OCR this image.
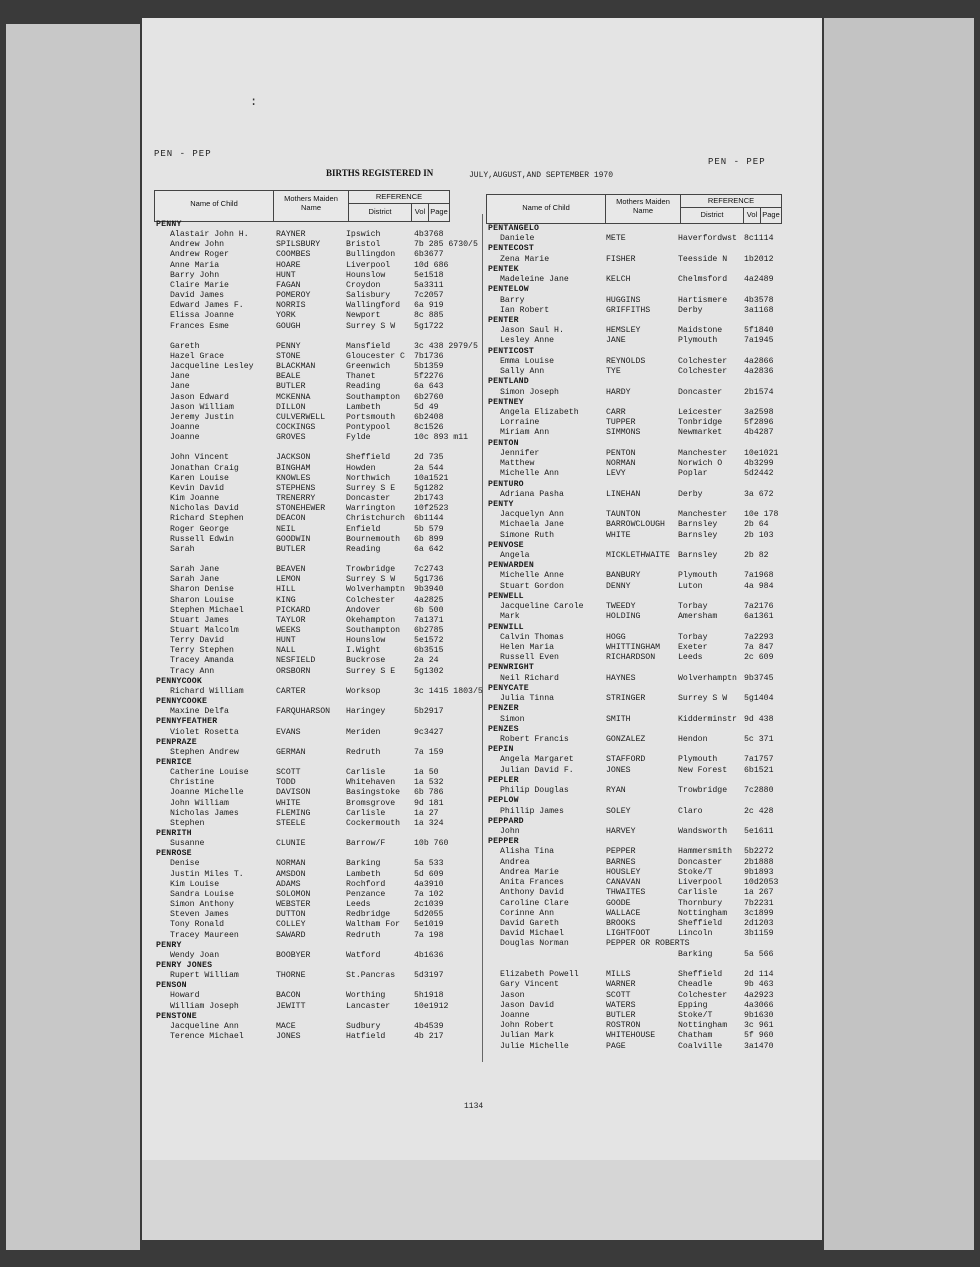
:
PEN - PEP
PEN - PEP
BIRTHS REGISTERED IN	JULY,AUGUST,AND SEPTEMBER 1970
Name of Child
Mothers Maiden Name
REFERENCE
District	Vol Page	Name of Child
Mothers Maiden Name
REFERENCE
District	Vol Page
PENNY
Alastair John H.	RAYNER	Ipswich	4b3768
Andrew John	SPILSBURY	Bristol	7b 285 6730/5
Andrew Roger	COOMBES	Bullingdon 6b3677
Anne Maria	HOARE	Liverpool	10d 686
Barry John	HUNT	Hounslow	5e1518
Claire Marie	FAGAN	Croydon	5a3311
David James	POMEROY	Salisbury	7c2057
Edward James F.	NORRIS	Wallingford 6a 919
Elissa Joanne	YORK	Newport	8c 885
Frances Esme	GOUGH	Surrey S W 5g1722
Gareth	PENNY	Mansfield	3c 438 2979/5
Hazel Grace	STONE	Gloucester C 7b1736
Jacqueline Lesley	BLACKMAN	Greenwich	5b1359
Jane	BEALE	Thanet	5f2276
Jane	BUTLER	Reading	6a 643
Jason Edward	MCKENNA	Southampton 6b2760
Jason William	DILLON	Lambeth	5d 49
Jeremy Justin	CULVERWELL	Portsmouth 6b2408
Joanne	COCKINGS	Pontypool	8c1526
Joanne	GROVES	Fylde	10c 893 m11
John Vincent	JACKSON	Sheffield	2d 735
Jonathan Craig	BINGHAM	Howden	2a 544
Karen Louise	KNOWLES	Northwich	10a1521
Kevin David	STEPHENS	Surrey S E 5g1282
Kim Joanne	TRENERRY	Doncaster	2b1743
Nicholas David	STONEHEWER	Warrington 10f2523
Richard Stephen	DEACON	Christchurch 6b1144
Roger George	NEIL	Enfield	5b 579
Russell Edwin	GOODWIN	Bournemouth 6b 899
Sarah	BUTLER	Reading	6a 642
Sarah Jane	BEAVEN	Trowbridge 7c2743
Sarah Jane	LEMON	Surrey S W 5g1736
Sharon Denise	HILL	Wolverhamptn 9b3940
Sharon Louise	KING	Colchester 4a2825
Stephen Michael	PICKARD	Andover	6b 500
Stuart James	TAYLOR	Okehampton 7a1371
Stuart Malcolm	WEEKS	Southampton 6b2785
Terry David	HUNT	Hounslow	5e1572
Terry Stephen	NALL	I.Wight	6b3515
Tracey Amanda	NESFIELD	Buckrose	2a 24
Tracy Ann	ORSBORN	Surrey S E 5g1302
PENNYCOOK
Richard William	CARTER	Worksop	3c 1415 1803/5
PENNYCOOKE
Maxine Delfa	FARQUHARSON Haringey	5b2917
PENNYFEATHER
Violet Rosetta	EVANS	Meriden	9c3427
PENPRAZE
Stephen Andrew	GERMAN	Redruth	7a 159
PENRICE
Catherine Louise	SCOTT	Carlisle	1a 50
Christine	TODD	Whitehaven 1a 532
Joanne Michelle	DAVISON	Basingstoke 6b 786
John William	WHITE	Bromsgrove 9d 181
Nicholas James	FLEMING	Carlisle	1a 27
Stephen	STEELE	Cockermouth 1a 324
PENRITH
Susanne	CLUNIE	Barrow/F	10b 760
PENROSE
Denise	NORMAN	Barking	5a 533
Justin Miles T.	AMSDON	Lambeth	5d 609
Kim Louise	ADAMS	Rochford	4a3910
Sandra Louise	SOLOMON	Penzance	7a 102
Simon Anthony	WEBSTER	Leeds	2c1039
Steven James	DUTTON	Redbridge	5d2055
Tony Ronald	COLLEY	Waltham For 5e1019
Tracey Maureen	SAWARD	Redruth	7a 198
PENRY
Wendy Joan	BOOBYER	Watford	4b1636
PENRY JONES
Rupert William	THORNE	St.Pancras 5d3197
PENSON
Howard	BACON	Worthing	5h1918
William Joseph	JEWITT	Lancaster	10e1912
PENSTONE
Jacqueline Ann	MACE	Sudbury	4b4539
Terence Michael	JONES	Hatfield	4b 217
PENTANGELO
Daniele	METE	Haverfordwst 8c1114
PENTECOST
Zena Marie	FISHER	Teesside N 1b2012
PENTEK
Madeleine Jane	KELCH	Chelmsford 4a2489
PENTELOW
Barry	HUGGINS	Hartismere 4b3578
Ian Robert	GRIFFITHS	Derby	3a1168
PENTER
Jason Saul H.	HEMSLEY	Maidstone	5f1840
Lesley Anne	JANE	Plymouth	7a1945
PENTICOST
Emma Louise	REYNOLDS	Colchester 4a2866
Sally Ann	TYE	Colchester 4a2836
PENTLAND
Simon Joseph	HARDY	Doncaster	2b1574
PENTNEY
Angela Elizabeth	CARR	Leicester	3a2598
Lorraine	TUPPER	Tonbridge	5f2896
Miriam Ann	SIMMONS	Newmarket	4b4287
PENTON
Jennifer	PENTON	Manchester 10e1021
Matthew	NORMAN	Norwich O	4b3299
Michelle Ann	LEVY	Poplar	5d2442
PENTURO
Adriana Pasha	LINEHAN	Derby	3a 672
PENTY
Jacquelyn Ann	TAUNTON	Manchester 10e 178
Michaela Jane	BARROWCLOUGH Barnsley	2b 64
Simone Ruth	WHITE	Barnsley	2b 103
PENVOSE
Angela	MICKLETHWAITE Barnsley	2b 82
PENWARDEN
Michelle Anne	BANBURY	Plymouth	7a1968
Stuart Gordon	DENNY	Luton	4a 984
PENWELL
Jacqueline Carole	TWEEDY	Torbay	7a2176
Mark	HOLDING	Amersham	6a1361
PENWILL
Calvin Thomas	HOGG	Torbay	7a2293
Helen Maria	WHITTINGHAM Exeter	7a 847
Russell Even	RICHARDSON	Leeds	2c 609
PENWRIGHT
Neil Richard	HAYNES	Wolverhamptn 9b3745
PENYCATE
Julia Tinna	STRINGER	Surrey S W 5g1404
PENZER
Simon	SMITH	Kidderminstr 9d 438
PENZES
Robert Francis	GONZALEZ	Hendon	5c 371
PEPIN
Angela Margaret	STAFFORD	Plymouth	7a1757
Julian David F.	JONES	New Forest 6b1521
PEPLER
Philip Douglas	RYAN	Trowbridge 7c2880
PEPLOW
Phillip James	SOLEY	Claro	2c 428
PEPPARD
John	HARVEY	Wandsworth 5e1611
PEPPER
Alisha Tina	PEPPER	Hammersmith 5b2272
Andrea	BARNES	Doncaster	2b1888
Andrea Marie	HOUSLEY	Stoke/T	9b1893
Anita Frances	CANAVAN	Liverpool	10d2053
Anthony David	THWAITES	Carlisle	1a 267
Caroline Clare	GOODE	Thornbury	7b2231
Corinne Ann	WALLACE	Nottingham 3c1899
David Gareth	BROOKS	Sheffield	2d1203
David Michael	LIGHTFOOT	Lincoln	3b1159
Douglas Norman	PEPPER OR ROBERTS
Barking	5a 566
Elizabeth Powell	MILLS	Sheffield	2d 114
Gary Vincent	WARNER	Cheadle	9b 463
Jason	SCOTT	Colchester 4a2923
Jason David	WATERS	Epping	4a3066
Joanne	BUTLER	Stoke/T	9b1630
John Robert	ROSTRON	Nottingham 3c 961
Julian Mark	WHITEHOUSE	Chatham	5f 960
Julie Michelle	PAGE	Coalville	3a1470
1134
